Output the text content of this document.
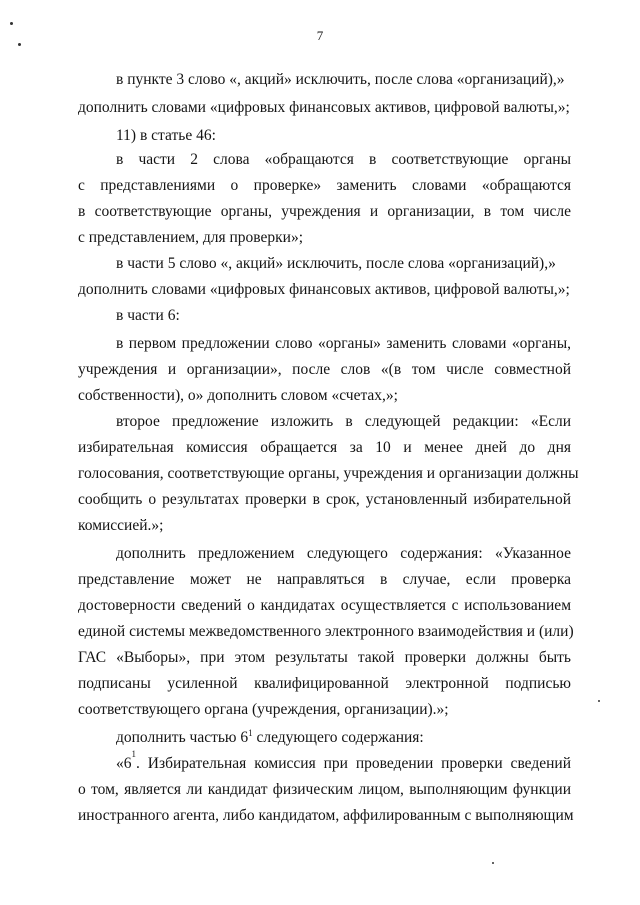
7
в пункте 3 слово «, акций» исключить, после слова «организаций),»
дополнить словами «цифровых финансовых активов, цифровой валюты,»;
11) в статье 46:
в части 2 слова «обращаются в соответствующие органы
с представлениями о проверке» заменить словами «обращаются
в соответствующие органы, учреждения и организации, в том числе
с представлением, для проверки»;
в части 5 слово «, акций» исключить, после слова «организаций),»
дополнить словами «цифровых финансовых активов, цифровой валюты,»;
в части 6:
в первом предложении слово «органы» заменить словами «органы,
учреждения и организации», после слов «(в том числе совместной
собственности), о» дополнить словом «счетах,»;
второе предложение изложить в следующей редакции: «Если
избирательная комиссия обращается за 10 и менее дней до дня
голосования, соответствующие органы, учреждения и организации должны
сообщить о результатах проверки в срок, установленный избирательной
комиссией.»;
дополнить предложением следующего содержания: «Указанное
представление может не направляться в случае, если проверка
достоверности сведений о кандидатах осуществляется с использованием
единой системы межведомственного электронного взаимодействия и (или)
ГАС «Выборы», при этом результаты такой проверки должны быть
подписаны усиленной квалифицированной электронной подписью
соответствующего органа (учреждения, организации).»;
дополнить частью $6^1$ следующего содержания:
«6
1
. Избирательная комиссия при проведении проверки сведений
о том, является ли кандидат физическим лицом, выполняющим функции
иностранного агента, либо кандидатом, аффилированным с выполняющим
